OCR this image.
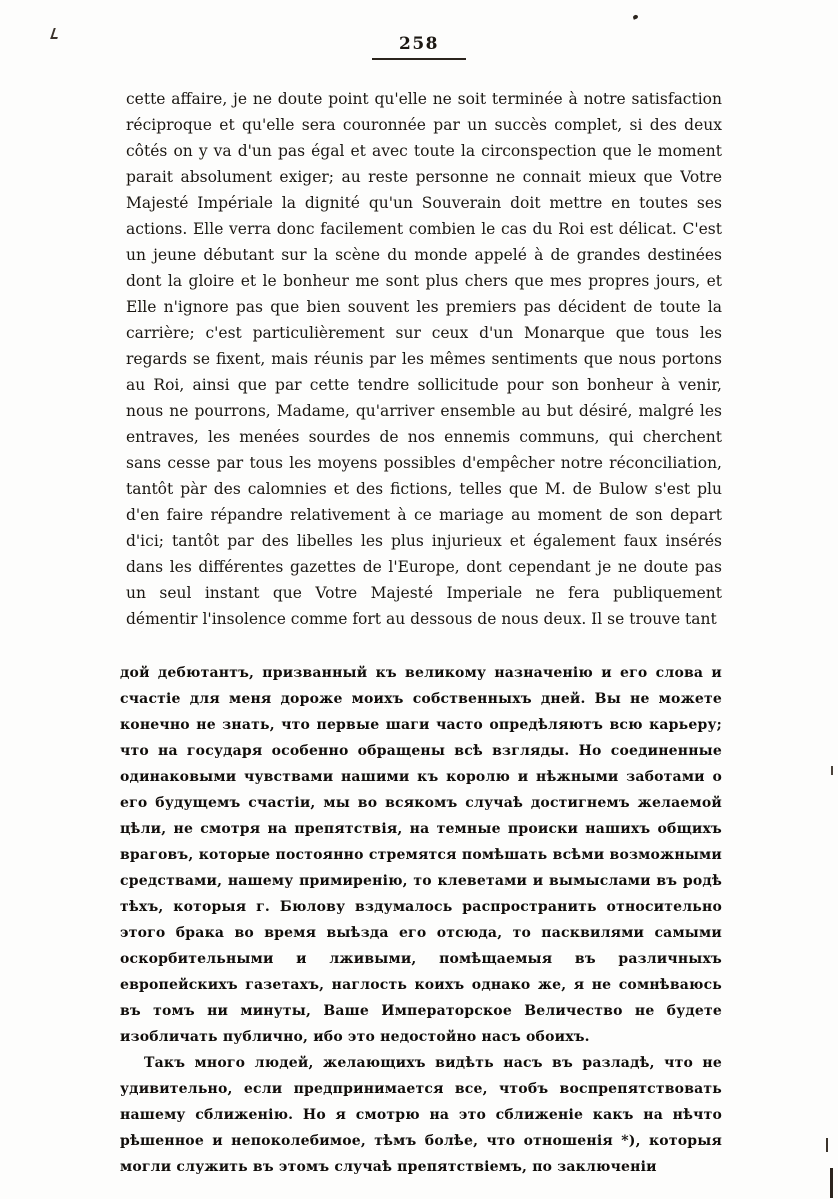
258

cette affaire, je ne doute point qu'elle ne soit terminée à notre satisfaction réciproque et qu'elle sera couronnée par un succès complet, si des deux côtés on y va d'un pas égal et avec toute la circonspection que le moment parait absolument exiger; au reste personne ne connait mieux que Votre Majesté Impériale la dignité qu'un Souverain doit mettre en toutes ses actions. Elle verra donc facilement combien le cas du Roi est délicat. C'est un jeune débutant sur la scène du monde appelé à de grandes destinées dont la gloire et le bonheur me sont plus chers que mes propres jours, et Elle n'ignore pas que bien souvent les premiers pas décident de toute la carrière; c'est particulièrement sur ceux d'un Monarque que tous les regards se fixent, mais réunis par les mêmes sentiments que nous portons au Roi, ainsi que par cette tendre sollicitude pour son bonheur à venir, nous ne pourrons, Madame, qu'arriver ensemble au but désiré, malgré les entraves, les menées sourdes de nos ennemis communs, qui cherchent sans cesse par tous les moyens possibles d'empêcher notre réconciliation, tantôt pàr des calomnies et des fictions, telles que M. de Bulow s'est plu d'en faire répandre relativement à ce mariage au moment de son depart d'ici; tantôt par des libelles les plus injurieux et également faux insérés dans les différentes gazettes de l'Europe, dont cependant je ne doute pas un seul instant que Votre Majesté Imperiale ne fera publiquement démentir l'insolence comme fort au dessous de nous deux. Il se trouve tant

дой дебютантъ, призванный къ великому назначенію и его слова и счастіе для меня дороже моихъ собственныхъ дней. Вы не можете конечно не знать, что первые шаги часто опредѣляютъ всю карьеру; что на государя особенно обращены всѣ взгляды. Но соединенные одинаковыми чувствами нашими къ королю и нѣжными заботами о его будущемъ счастіи, мы во всякомъ случаѣ достигнемъ желаемой цѣли, не смотря на препятствія, на темные происки нашихъ общихъ враговъ, которые постоянно стремятся помѣшать всѣми возможными средствами, нашему примиренію, то клеветами и вымыслами въ родѣ тѣхъ, которыя г. Бюлову вздумалось распространить относительно этого брака во время выѣзда его отсюда, то пасквилями самыми оскорбительными и лживыми, помѣщаемыя въ различныхъ европейскихъ газетахъ, наглость коихъ однако же, я не сомнѣваюсь въ томъ ни минуты, Ваше Императорское Величество не будете изобличать публично, ибо это недостойно насъ обоихъ.

Такъ много людей, желающихъ видѣть насъ въ разладѣ, что не удивительно, если предпринимается все, чтобъ воспрепятствовать нашему сближенію. Но я смотрю на это сближеніе какъ на нѣчто рѣшенное и непоколебимое, тѣмъ болѣе, что отношенія *), которыя могли служить въ этомъ случаѣ препятствіемъ, по заключеніи
